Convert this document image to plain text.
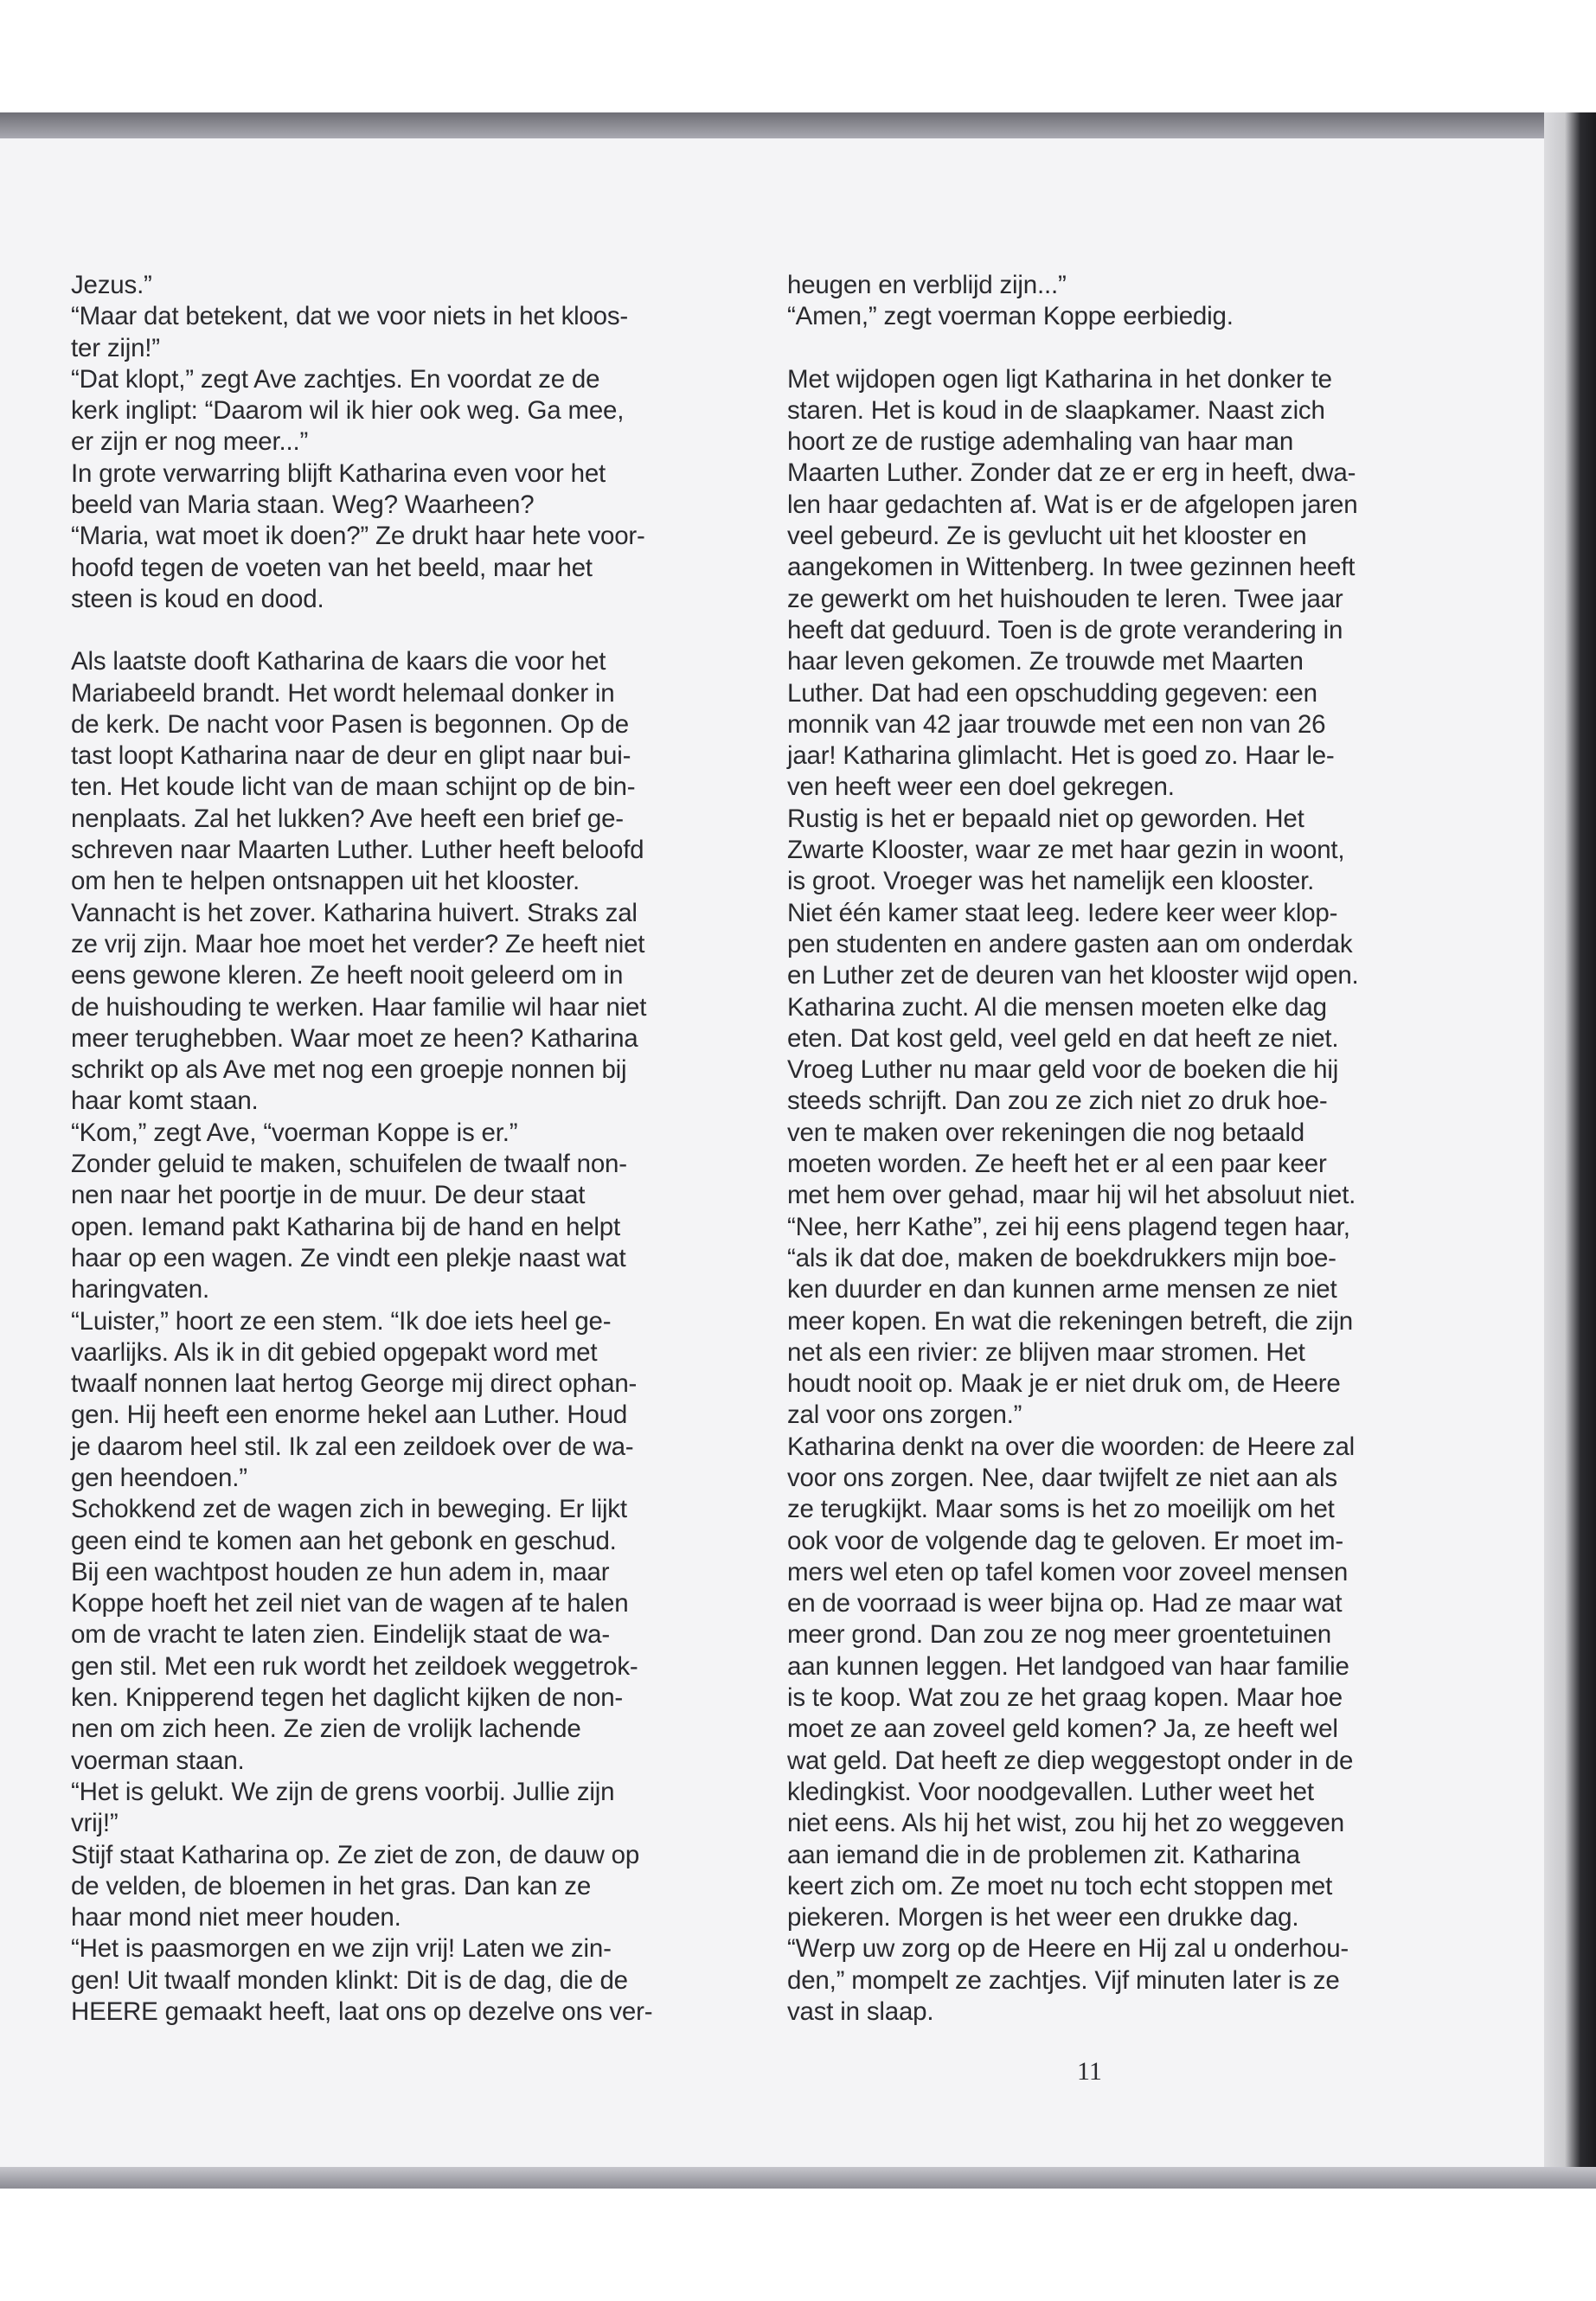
Jezus.”
“Maar dat betekent, dat we voor niets in het kloos-
ter zijn!”
“Dat klopt,” zegt Ave zachtjes. En voordat ze de
kerk inglipt: “Daarom wil ik hier ook weg. Ga mee,
er zijn er nog meer...”
In grote verwarring blijft Katharina even voor het
beeld van Maria staan. Weg? Waarheen?
“Maria, wat moet ik doen?” Ze drukt haar hete voor-
hoofd tegen de voeten van het beeld, maar het
steen is koud en dood.

Als laatste dooft Katharina de kaars die voor het
Mariabeeld brandt. Het wordt helemaal donker in
de kerk. De nacht voor Pasen is begonnen. Op de
tast loopt Katharina naar de deur en glipt naar bui-
ten. Het koude licht van de maan schijnt op de bin-
nenplaats. Zal het lukken? Ave heeft een brief ge-
schreven naar Maarten Luther. Luther heeft beloofd
om hen te helpen ontsnappen uit het klooster.
Vannacht is het zover. Katharina huivert. Straks zal
ze vrij zijn. Maar hoe moet het verder? Ze heeft niet
eens gewone kleren. Ze heeft nooit geleerd om in
de huishouding te werken. Haar familie wil haar niet
meer terughebben. Waar moet ze heen? Katharina
schrikt op als Ave met nog een groepje nonnen bij
haar komt staan.
“Kom,” zegt Ave, “voerman Koppe is er.”
Zonder geluid te maken, schuifelen de twaalf non-
nen naar het poortje in de muur. De deur staat
open. Iemand pakt Katharina bij de hand en helpt
haar op een wagen. Ze vindt een plekje naast wat
haringvaten.
“Luister,” hoort ze een stem. “Ik doe iets heel ge-
vaarlijks. Als ik in dit gebied opgepakt word met
twaalf nonnen laat hertog George mij direct ophan-
gen. Hij heeft een enorme hekel aan Luther. Houd
je daarom heel stil. Ik zal een zeildoek over de wa-
gen heendoen.”
Schokkend zet de wagen zich in beweging. Er lijkt
geen eind te komen aan het gebonk en geschud.
Bij een wachtpost houden ze hun adem in, maar
Koppe hoeft het zeil niet van de wagen af te halen
om de vracht te laten zien. Eindelijk staat de wa-
gen stil. Met een ruk wordt het zeildoek weggetrok-
ken. Knipperend tegen het daglicht kijken de non-
nen om zich heen. Ze zien de vrolijk lachende
voerman staan.
“Het is gelukt. We zijn de grens voorbij. Jullie zijn
vrij!”
Stijf staat Katharina op. Ze ziet de zon, de dauw op
de velden, de bloemen in het gras. Dan kan ze
haar mond niet meer houden.
“Het is paasmorgen en we zijn vrij! Laten we zin-
gen! Uit twaalf monden klinkt: Dit is de dag, die de
HEERE gemaakt heeft, laat ons op dezelve ons ver-

heugen en verblijd zijn...”
“Amen,” zegt voerman Koppe eerbiedig.

Met wijdopen ogen ligt Katharina in het donker te
staren. Het is koud in de slaapkamer. Naast zich
hoort ze de rustige ademhaling van haar man
Maarten Luther. Zonder dat ze er erg in heeft, dwa-
len haar gedachten af. Wat is er de afgelopen jaren
veel gebeurd. Ze is gevlucht uit het klooster en
aangekomen in Wittenberg. In twee gezinnen heeft
ze gewerkt om het huishouden te leren. Twee jaar
heeft dat geduurd. Toen is de grote verandering in
haar leven gekomen. Ze trouwde met Maarten
Luther. Dat had een opschudding gegeven: een
monnik van 42 jaar trouwde met een non van 26
jaar! Katharina glimlacht. Het is goed zo. Haar le-
ven heeft weer een doel gekregen.
Rustig is het er bepaald niet op geworden. Het
Zwarte Klooster, waar ze met haar gezin in woont,
is groot. Vroeger was het namelijk een klooster.
Niet één kamer staat leeg. Iedere keer weer klop-
pen studenten en andere gasten aan om onderdak
en Luther zet de deuren van het klooster wijd open.
Katharina zucht. Al die mensen moeten elke dag
eten. Dat kost geld, veel geld en dat heeft ze niet.
Vroeg Luther nu maar geld voor de boeken die hij
steeds schrijft. Dan zou ze zich niet zo druk hoe-
ven te maken over rekeningen die nog betaald
moeten worden. Ze heeft het er al een paar keer
met hem over gehad, maar hij wil het absoluut niet.
“Nee, herr Kathe”, zei hij eens plagend tegen haar,
“als ik dat doe, maken de boekdrukkers mijn boe-
ken duurder en dan kunnen arme mensen ze niet
meer kopen. En wat die rekeningen betreft, die zijn
net als een rivier: ze blijven maar stromen. Het
houdt nooit op. Maak je er niet druk om, de Heere
zal voor ons zorgen.”
Katharina denkt na over die woorden: de Heere zal
voor ons zorgen. Nee, daar twijfelt ze niet aan als
ze terugkijkt. Maar soms is het zo moeilijk om het
ook voor de volgende dag te geloven. Er moet im-
mers wel eten op tafel komen voor zoveel mensen
en de voorraad is weer bijna op. Had ze maar wat
meer grond. Dan zou ze nog meer groentetuinen
aan kunnen leggen. Het landgoed van haar familie
is te koop. Wat zou ze het graag kopen. Maar hoe
moet ze aan zoveel geld komen? Ja, ze heeft wel
wat geld. Dat heeft ze diep weggestopt onder in de
kledingkist. Voor noodgevallen. Luther weet het
niet eens. Als hij het wist, zou hij het zo weggeven
aan iemand die in de problemen zit. Katharina
keert zich om. Ze moet nu toch echt stoppen met
piekeren. Morgen is het weer een drukke dag.
“Werp uw zorg op de Heere en Hij zal u onderhou-
den,” mompelt ze zachtjes. Vijf minuten later is ze
vast in slaap.

11
